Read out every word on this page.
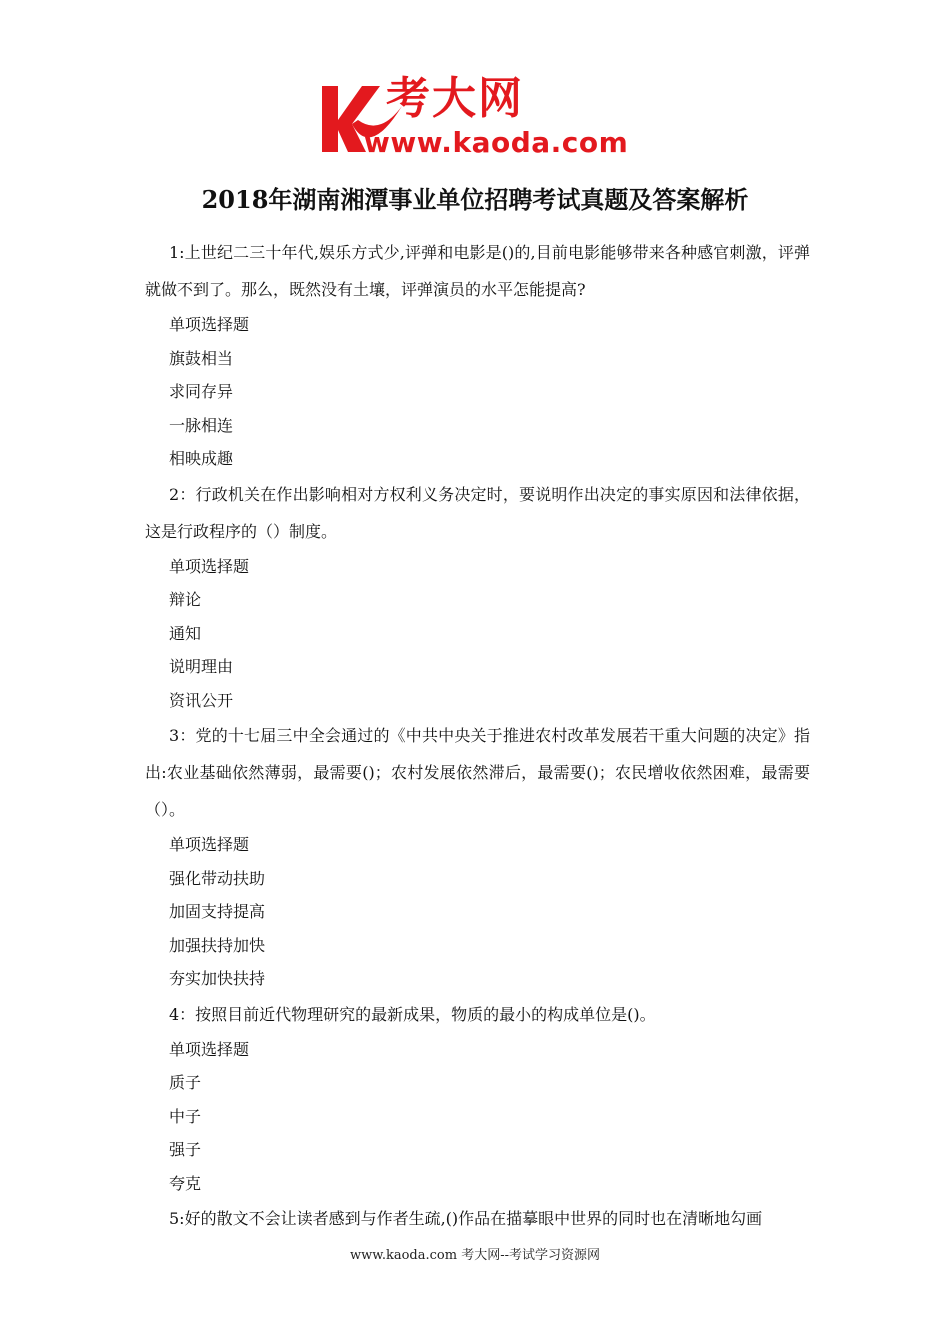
考大网
www.kaoda.com
2018年湖南湘潭事业单位招聘考试真题及答案解析

1:上世纪二三十年代,娱乐方式少,评弹和电影是()的,目前电影能够带来各种感官刺激，评弹就做不到了。那么，既然没有土壤，评弹演员的水平怎能提高?

单项选择题

旗鼓相当

求同存异

一脉相连

相映成趣

2：行政机关在作出影响相对方权利义务决定时，要说明作出决定的事实原因和法律依据，这是行政程序的（）制度。

单项选择题

辩论

通知

说明理由

资讯公开

3：党的十七届三中全会通过的《中共中央关于推进农村改革发展若干重大问题的决定》指出:农业基础依然薄弱，最需要()；农村发展依然滞后，最需要()；农民增收依然困难，最需要（）。

单项选择题

强化带动扶助

加固支持提高

加强扶持加快

夯实加快扶持

4：按照目前近代物理研究的最新成果，物质的最小的构成单位是()。

单项选择题

质子

中子

强子

夸克

5:好的散文不会让读者感到与作者生疏,()作品在描摹眼中世界的同时也在清晰地勾画

www.kaoda.com 考大网--考试学习资源网
